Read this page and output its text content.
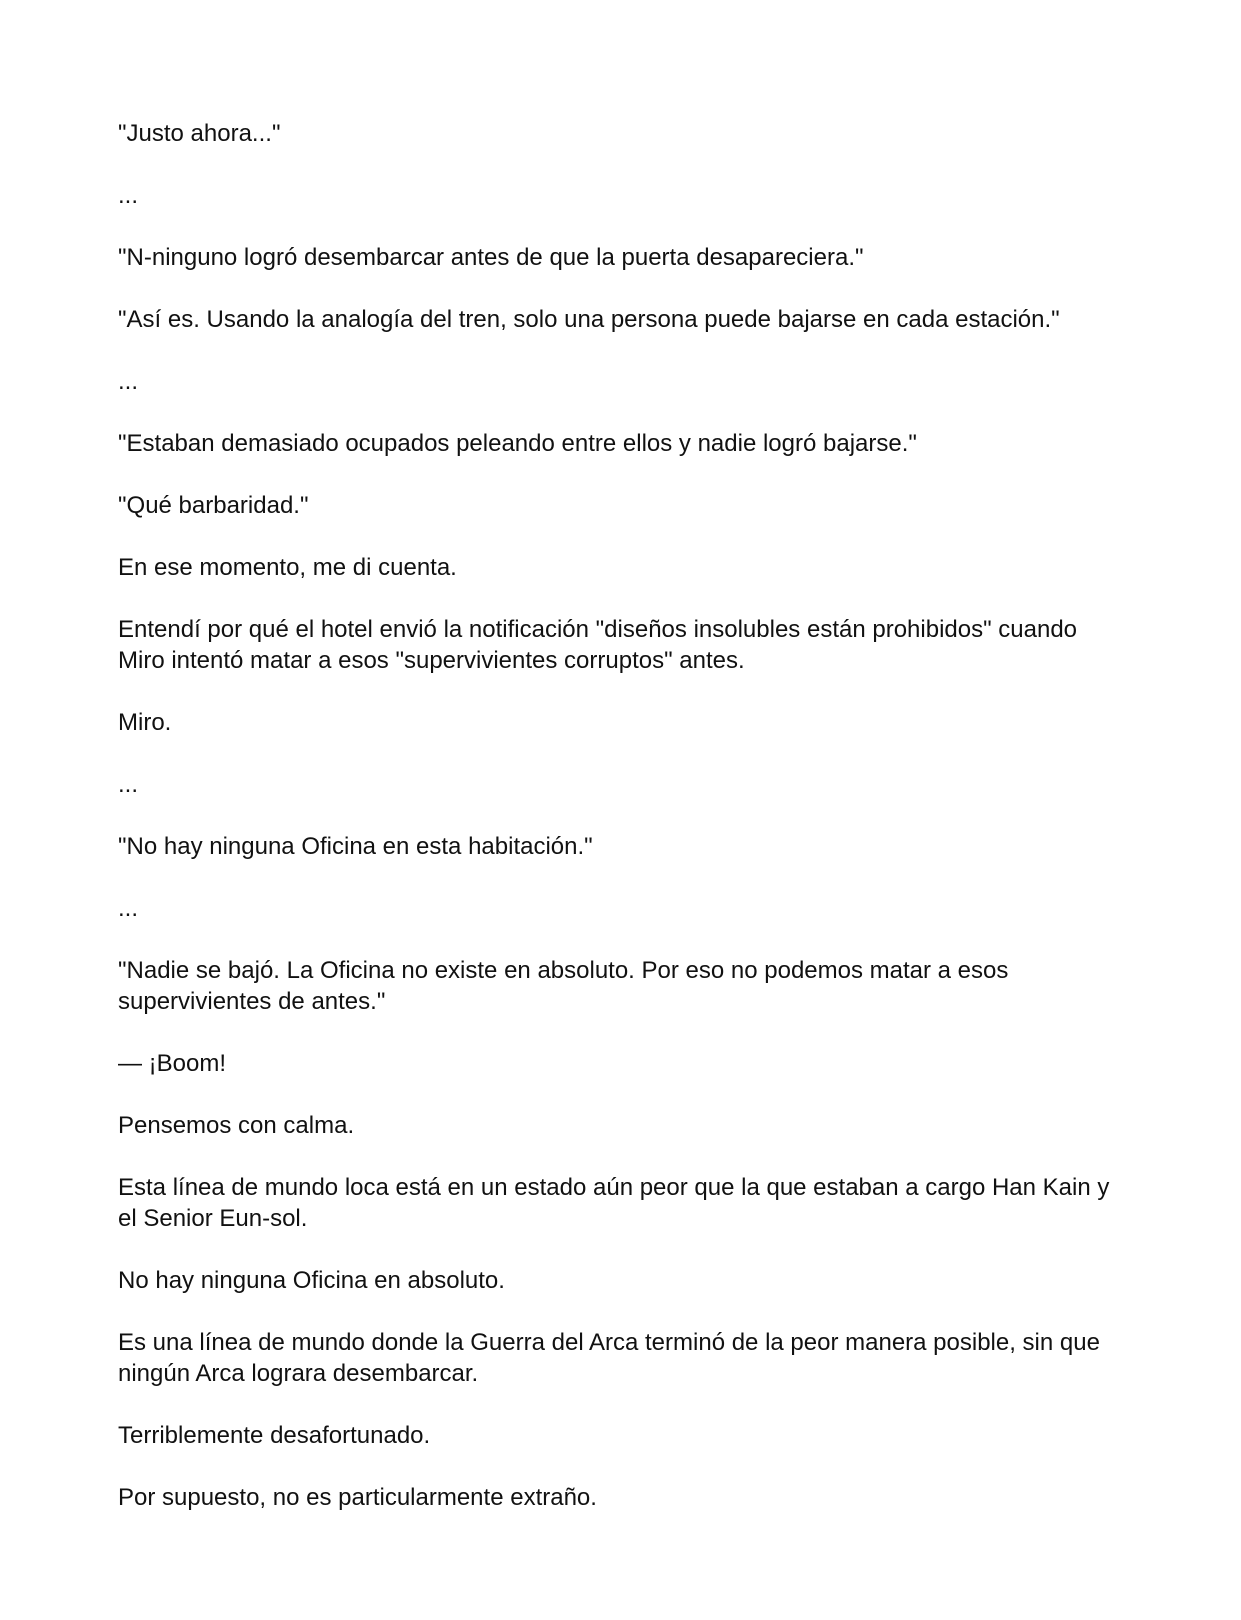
"Justo ahora..."

...

"N-ninguno logró desembarcar antes de que la puerta desapareciera."

"Así es. Usando la analogía del tren, solo una persona puede bajarse en cada estación."

...

"Estaban demasiado ocupados peleando entre ellos y nadie logró bajarse."

"Qué barbaridad."

En ese momento, me di cuenta.

Entendí por qué el hotel envió la notificación "diseños insolubles están prohibidos" cuando Miro intentó matar a esos "supervivientes corruptos" antes.

Miro.

...

"No hay ninguna Oficina en esta habitación."

...

"Nadie se bajó. La Oficina no existe en absoluto. Por eso no podemos matar a esos supervivientes de antes."

— ¡Boom!

Pensemos con calma.

Esta línea de mundo loca está en un estado aún peor que la que estaban a cargo Han Kain y el Senior Eun-sol.

No hay ninguna Oficina en absoluto.

Es una línea de mundo donde la Guerra del Arca terminó de la peor manera posible, sin que ningún Arca lograra desembarcar.

Terriblemente desafortunado.

Por supuesto, no es particularmente extraño.
